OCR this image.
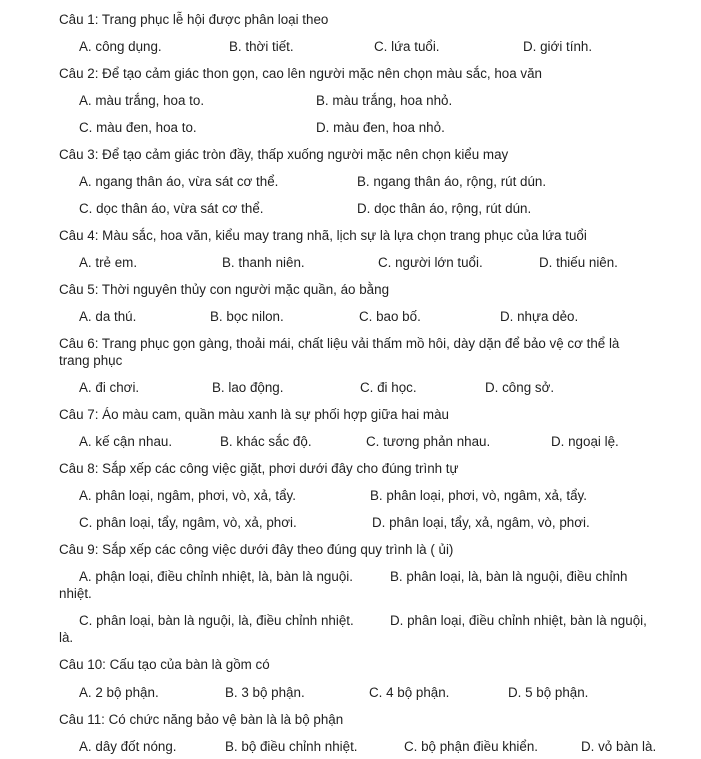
Câu 1: Trang phục lễ hội được phân loại theo
A. công dụng.	B. thời tiết.	C. lứa tuổi.	D. giới tính.
Câu 2: Để tạo cảm giác thon gọn, cao lên người mặc nên chọn màu sắc, hoa văn
A. màu trắng, hoa to.	B. màu trắng, hoa nhỏ.
C. màu đen, hoa to.	D. màu đen, hoa nhỏ.
Câu 3: Để tạo cảm giác tròn đầy, thấp xuống người mặc nên chọn kiểu may
A. ngang thân áo, vừa sát cơ thể.	B. ngang thân áo, rộng, rút dún.
C. dọc thân áo, vừa sát cơ thể.	D. dọc thân áo, rộng, rút dún.
Câu 4: Màu sắc, hoa văn, kiểu may trang nhã, lịch sự là lựa chọn trang phục của lứa tuổi
A. trẻ em.	B. thanh niên.	C. người lớn tuổi.	D. thiếu niên.
Câu 5: Thời nguyên thủy con người mặc quần, áo bằng
A. da thú.	B. bọc nilon.	C. bao bố.	D. nhựa dẻo.
Câu 6: Trang phục gọn gàng, thoải mái, chất liệu vải thấm mồ hôi, dày dặn để bảo vệ cơ thể là
trang phục
A. đi chơi.	B. lao động.	C. đi học.	D. công sở.
Câu 7: Áo màu cam, quần màu xanh là sự phối hợp giữa hai màu
A. kế cận nhau.	B. khác sắc độ.	C. tương phản nhau.	D. ngoại lệ.
Câu 8: Sắp xếp các công việc giặt, phơi dưới đây cho đúng trình tự
A. phân loại, ngâm, phơi, vò, xả, tẩy.	B. phân loại, phơi, vò, ngâm, xả, tẩy.
C. phân loại, tẩy, ngâm, vò, xả, phơi.	D. phân loại, tẩy, xả, ngâm, vò, phơi.
Câu 9: Sắp xếp các công việc dưới đây theo đúng quy trình là ( ủi)
A. phận loại, điều chỉnh nhiệt, là, bàn là nguội.	B. phân loại, là, bàn là nguội, điều chỉnh
nhiệt.
C. phân loại, bàn là nguội, là, điều chỉnh nhiệt.	D. phân loại, điều chỉnh nhiệt, bàn là nguội,
là.
Câu 10: Cấu tạo của bàn là gồm có
A. 2 bộ phận.	B. 3 bộ phận.	C. 4 bộ phận.	D. 5 bộ phận.
Câu 11: Có chức năng bảo vệ bàn là là bộ phận
A. dây đốt nóng.	B. bộ điều chỉnh nhiệt.	C. bộ phận điều khiển.	D. vỏ bàn là.
